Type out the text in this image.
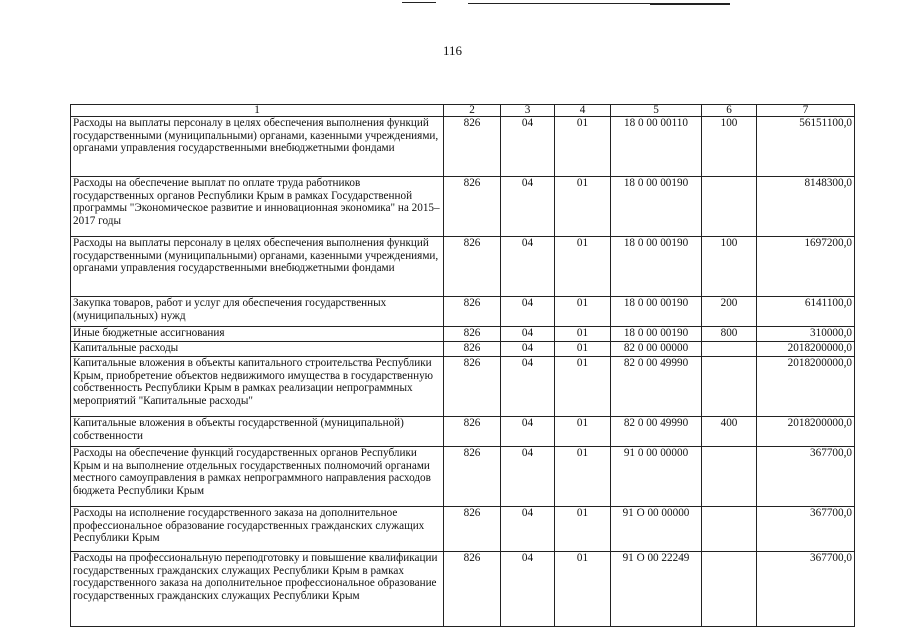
116
1	2	3	4	5	6	7
Расходы на выплаты персоналу в целях обеспечения выполнения функций государственными (муниципальными) органами, казенными учреждениями, органами управления государственными внебюджетными фондами	826	04	01	18 0 00 00110	100	56151100,0
Расходы на обеспечение выплат по оплате труда работников государственных органов Республики Крым в рамках Государственной программы "Экономическое развитие и инновационная экономика" на 2015–2017 годы	826	04	01	18 0 00 00190		8148300,0
Расходы на выплаты персоналу в целях обеспечения выполнения функций государственными (муниципальными) органами, казенными учреждениями, органами управления государственными внебюджетными фондами	826	04	01	18 0 00 00190	100	1697200,0
Закупка товаров, работ и услуг для обеспечения государственных (муниципальных) нужд	826	04	01	18 0 00 00190	200	6141100,0
Иные бюджетные ассигнования	826	04	01	18 0 00 00190	800	310000,0
Капитальные расходы	826	04	01	82 0 00 00000		2018200000,0
Капитальные вложения в объекты капитального строительства Республики Крым, приобретение объектов недвижимого имущества в государственную собственность Республики Крым в рамках реализации непрограммных мероприятий "Капитальные расходы"	826	04	01	82 0 00 49990		2018200000,0
Капитальные вложения в объекты государственной (муниципальной) собственности	826	04	01	82 0 00 49990	400	2018200000,0
Расходы на обеспечение функций государственных органов Республики Крым и на выполнение отдельных государственных полномочий органами местного самоуправления в рамках непрограммного направления расходов бюджета Республики Крым	826	04	01	91 0 00 00000		367700,0
Расходы на исполнение государственного заказа на дополнительное профессиональное образование государственных гражданских служащих Республики Крым	826	04	01	91 О 00 00000		367700,0
Расходы на профессиональную переподготовку и повышение квалификации государственных гражданских служащих Республики Крым в рамках государственного заказа на дополнительное профессиональное образование государственных гражданских служащих Республики Крым	826	04	01	91 О 00 22249		367700,0
